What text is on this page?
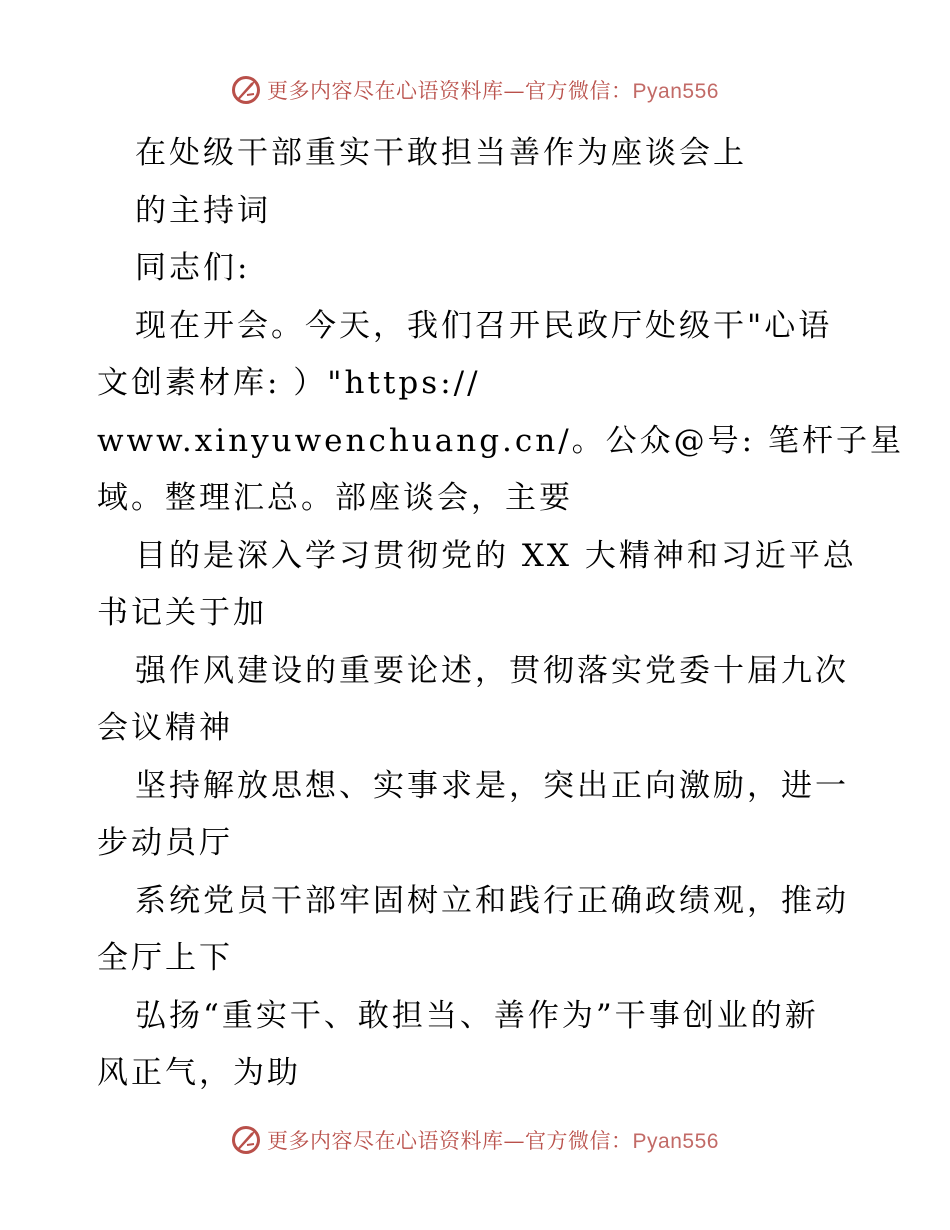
更多内容尽在心语资料库—官方微信：Pyan556
在处级干部重实干敢担当善作为座谈会上
的主持词
同志们:
现在开会。今天，我们召开民政厅处级干"心语
文创素材库: ）"https://
www.xinyuwenchuang.cn/。公众@号: 笔杆子星
域。整理汇总。部座谈会，主要
目的是深入学习贯彻党的 XX 大精神和习近平总
书记关于加
强作风建设的重要论述，贯彻落实党委十届九次
会议精神
坚持解放思想、实事求是，突出正向激励，进一
步动员厅
系统党员干部牢固树立和践行正确政绩观，推动
全厅上下
弘扬“重实干、敢担当、善作为”干事创业的新
风正气，为助
更多内容尽在心语资料库—官方微信：Pyan556
